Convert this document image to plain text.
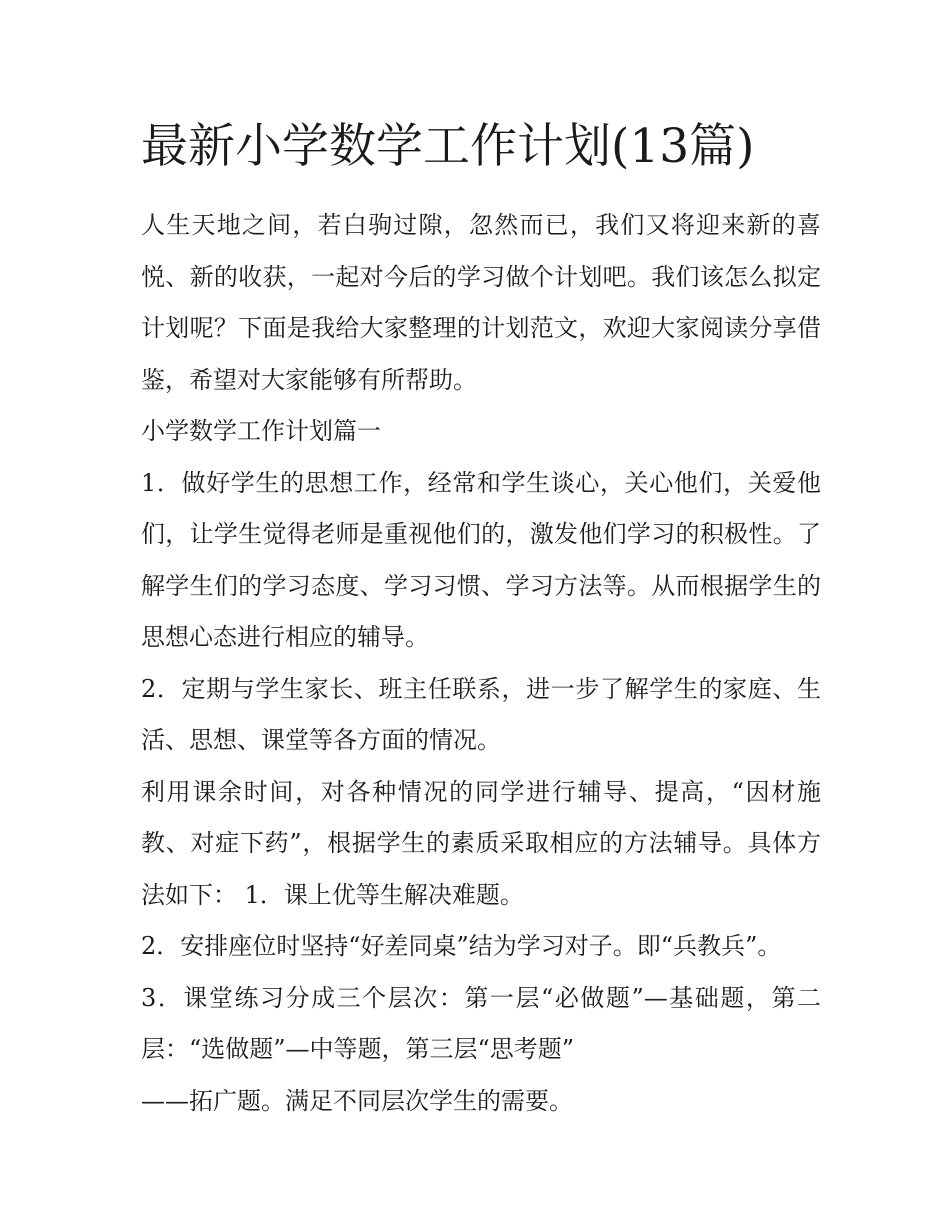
最新小学数学工作计划(13篇)

人生天地之间，若白驹过隙，忽然而已，我们又将迎来新的喜悦、新的收获，一起对今后的学习做个计划吧。我们该怎么拟定计划呢？下面是我给大家整理的计划范文，欢迎大家阅读分享借鉴，希望对大家能够有所帮助。

小学数学工作计划篇一

1．做好学生的思想工作，经常和学生谈心，关心他们，关爱他们，让学生觉得老师是重视他们的，激发他们学习的积极性。了解学生们的学习态度、学习习惯、学习方法等。从而根据学生的思想心态进行相应的辅导。

2．定期与学生家长、班主任联系，进一步了解学生的家庭、生活、思想、课堂等各方面的情况。

利用课余时间，对各种情况的同学进行辅导、提高，“因材施教、对症下药”，根据学生的素质采取相应的方法辅导。具体方法如下： 1．课上优等生解决难题。

2．安排座位时坚持“好差同桌”结为学习对子。即“兵教兵”。

3．课堂练习分成三个层次：第一层“必做题”—基础题，第二层：“选做题”—中等题，第三层“思考题”

——拓广题。满足不同层次学生的需要。
